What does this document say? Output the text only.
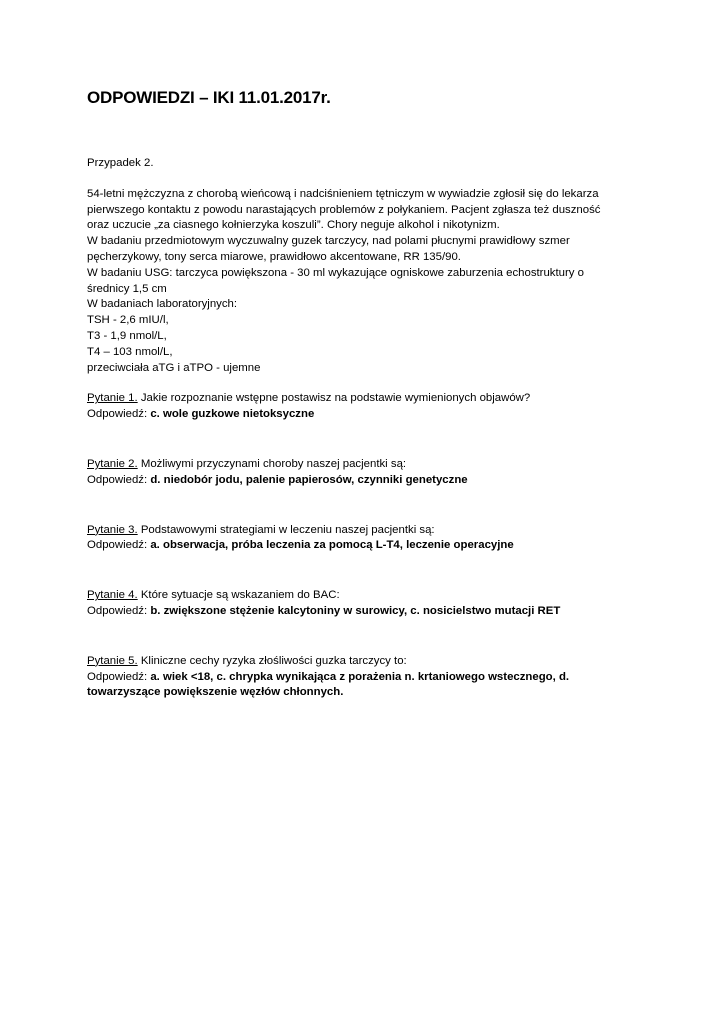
ODPOWIEDZI – IKI 11.01.2017r.
Przypadek 2.
54-letni mężczyzna z chorobą wieńcową i nadciśnieniem tętniczym w wywiadzie zgłosił się do lekarza
pierwszego kontaktu z powodu narastających problemów z połykaniem. Pacjent zgłasza też duszność
oraz uczucie „za ciasnego kołnierzyka koszuli”. Chory neguje alkohol i nikotynizm.
W badaniu przedmiotowym wyczuwalny guzek tarczycy, nad polami płucnymi prawidłowy szmer
pęcherzykowy, tony serca miarowe, prawidłowo akcentowane, RR 135/90.
W badaniu USG: tarczyca powiększona - 30 ml wykazujące ogniskowe zaburzenia echostruktury o
średnicy 1,5 cm
W badaniach laboratoryjnych:
TSH - 2,6 mIU/l,
T3 - 1,9 nmol/L,
T4 – 103 nmol/L,
przeciwciała aTG i aTPO - ujemne
Pytanie 1. Jakie rozpoznanie wstępne postawisz na podstawie wymienionych objawów?
Odpowiedź: c. wole guzkowe nietoksyczne
Pytanie 2. Możliwymi przyczynami choroby naszej pacjentki są:
Odpowiedź: d. niedobór jodu, palenie papierosów, czynniki genetyczne
Pytanie 3. Podstawowymi strategiami w leczeniu naszej pacjentki są:
Odpowiedź: a. obserwacja, próba leczenia za pomocą L-T4, leczenie operacyjne
Pytanie 4. Które sytuacje są wskazaniem do BAC:
Odpowiedź: b. zwiększone stężenie kalcytoniny w surowicy, c. nosicielstwo mutacji RET
Pytanie 5. Kliniczne cechy ryzyka złośliwości guzka tarczycy to:
Odpowiedź: a. wiek <18, c. chrypka wynikająca z porażenia n. krtaniowego wstecznego, d.
towarzyszące powiększenie węzłów chłonnych.
